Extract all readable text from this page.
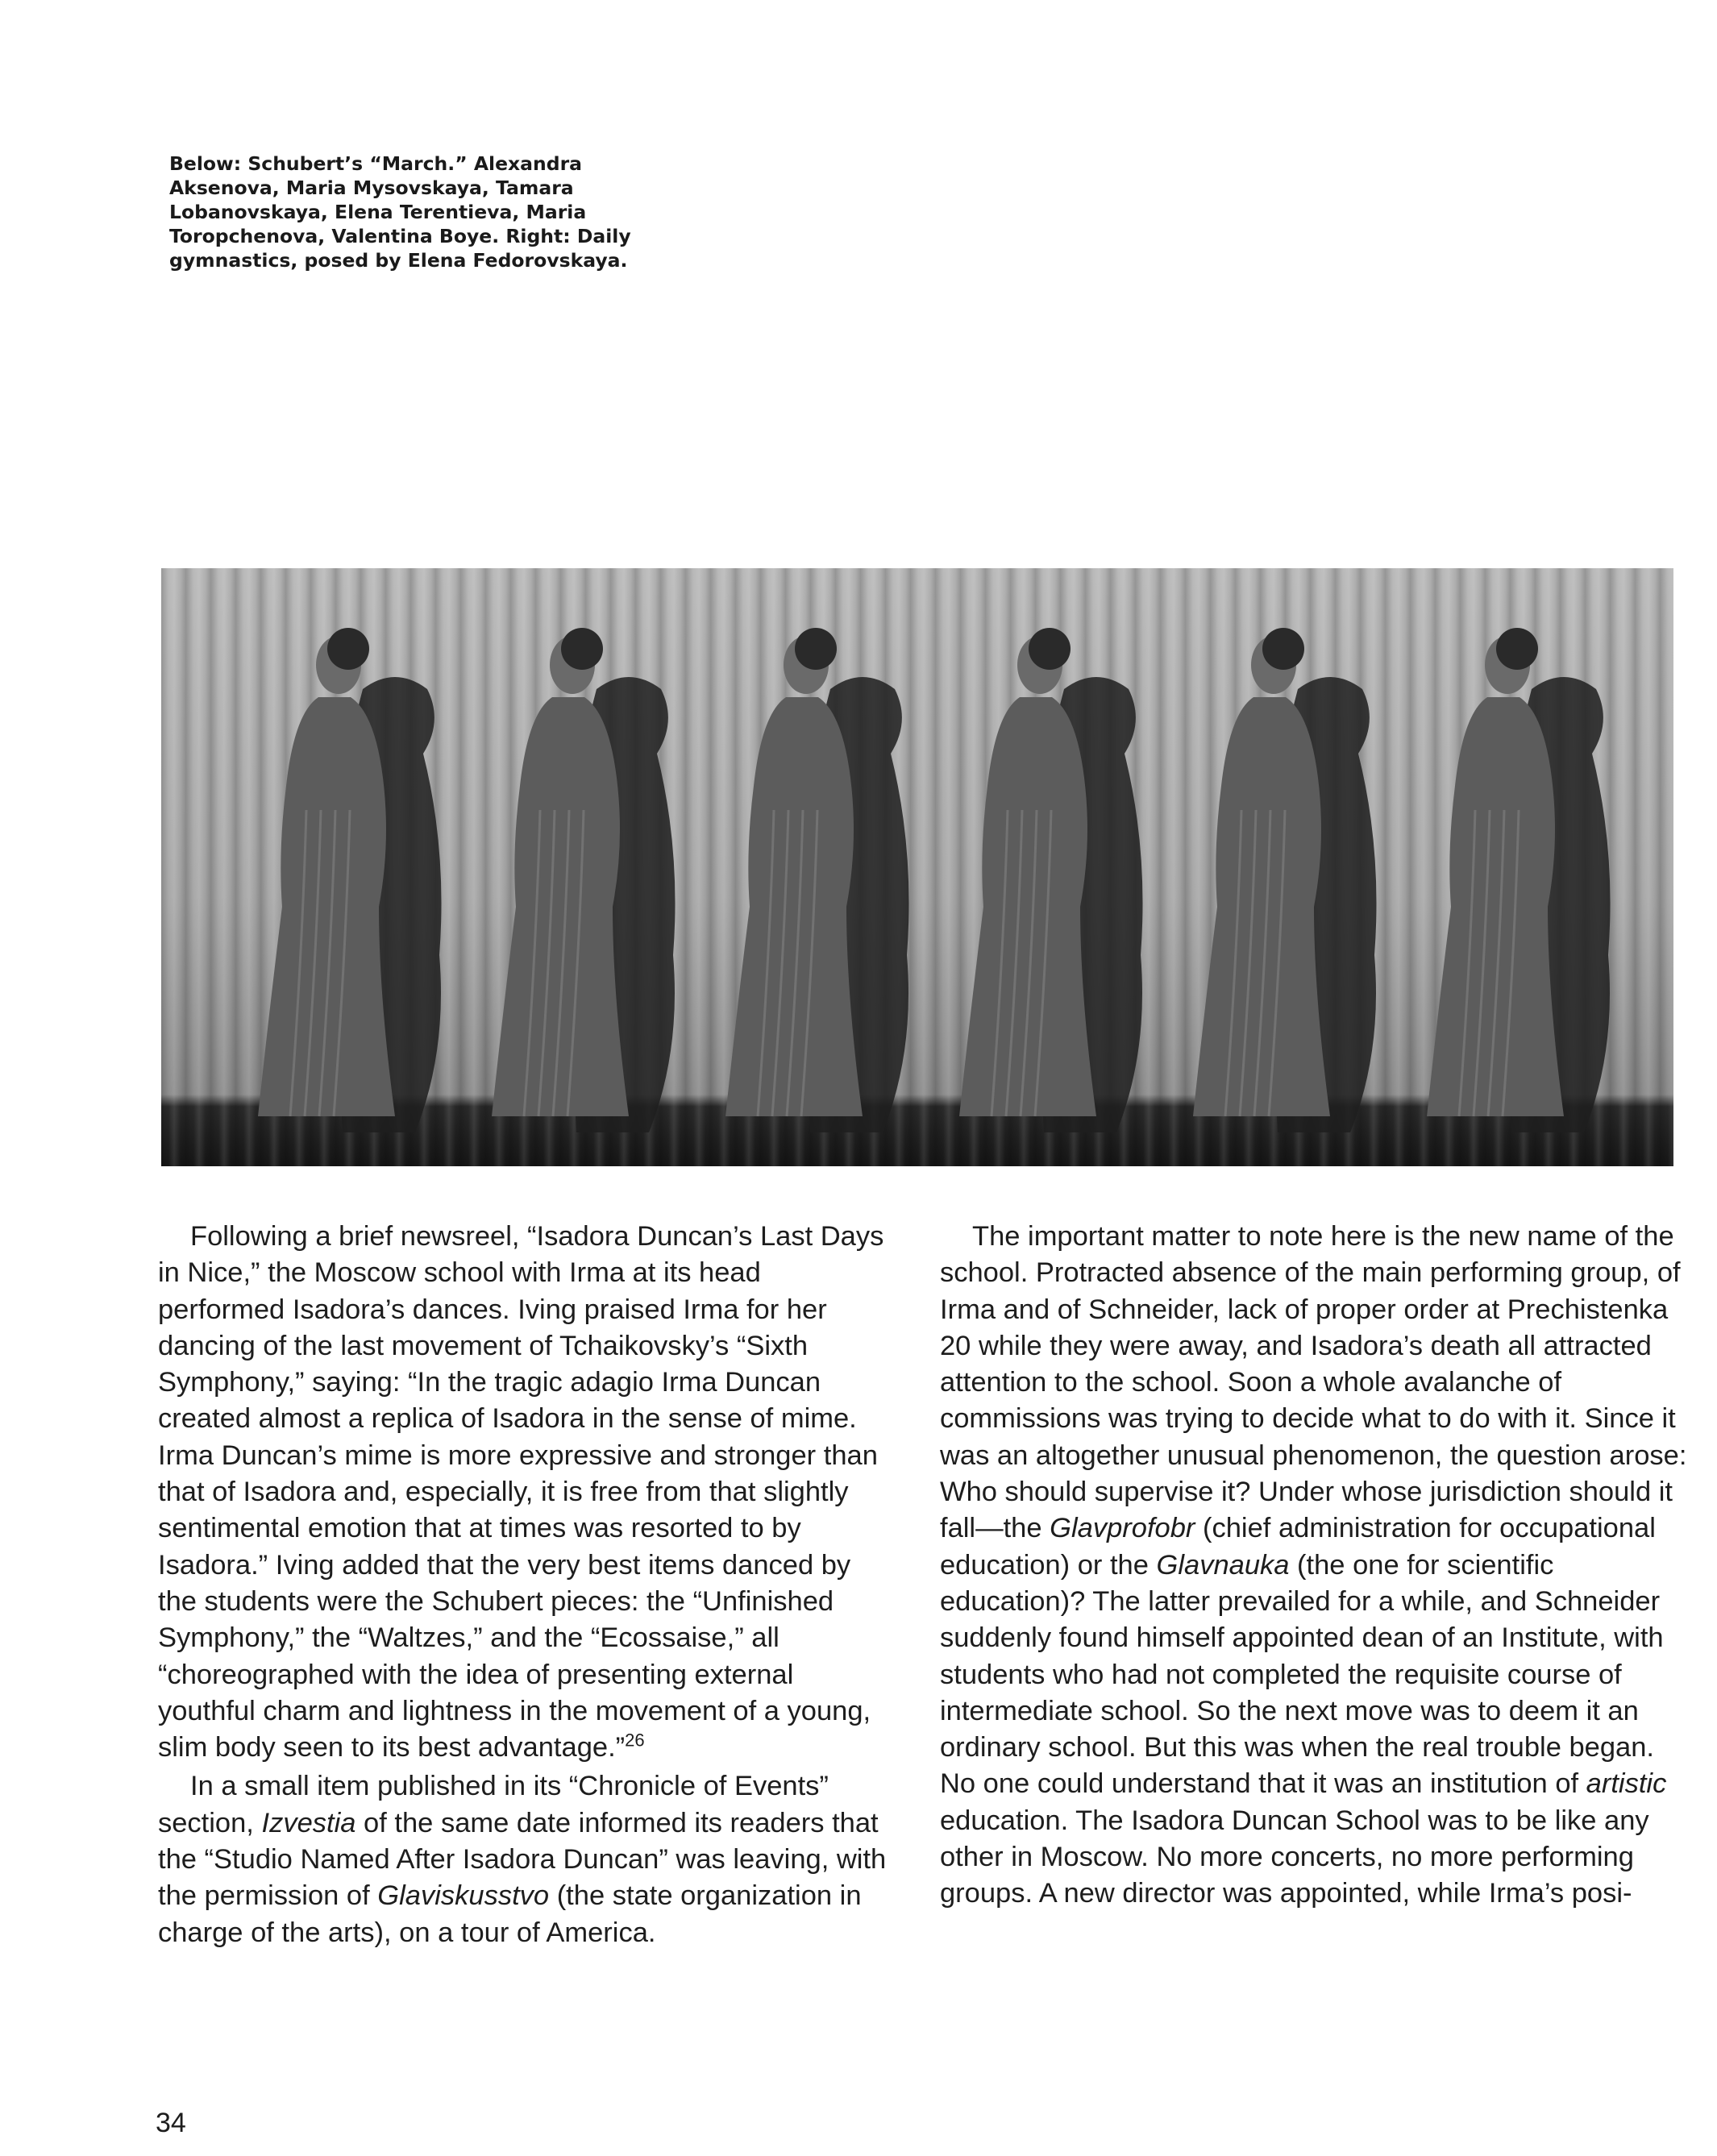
Below: Schubert’s “March.” Alexandra Aksenova, Maria Mysovskaya, Tamara Lobanovskaya, Elena Terentieva, Maria Toropchenova, Valentina Boye. Right: Daily gymnastics, posed by Elena Fedorovskaya.

Following a brief newsreel, “Isadora Duncan’s Last Days in Nice,” the Moscow school with Irma at its head performed Isadora’s dances. Iving praised Irma for her dancing of the last movement of Tchaikovsky’s “Sixth Symphony,” saying: “In the tragic adagio Irma Duncan created almost a replica of Isadora in the sense of mime. Irma Duncan’s mime is more expressive and stronger than that of Isadora and, especially, it is free from that slightly sentimental emotion that at times was resorted to by Isadora.” Iving added that the very best items danced by the students were the Schubert pieces: the “Unfinished Symphony,” the “Waltzes,” and the “Ecossaise,” all “choreographed with the idea of presenting external youthful charm and lightness in the movement of a young, slim body seen to its best advantage.”$^{26}$

In a small item published in its “Chronicle of Events” section, Izvestia of the same date informed its readers that the “Studio Named After Isadora Duncan” was leaving, with the permission of Glaviskusstvo (the state organization in charge of the arts), on a tour of America.

The important matter to note here is the new name of the school. Protracted absence of the main performing group, of Irma and of Schneider, lack of proper order at Prechistenka 20 while they were away, and Isadora’s death all attracted attention to the school. Soon a whole avalanche of commissions was trying to decide what to do with it. Since it was an altogether unusual phenomenon, the question arose: Who should supervise it? Under whose jurisdiction should it fall—the Glavprofobr (chief administration for occupational education) or the Glavnauka (the one for scientific education)? The latter prevailed for a while, and Schneider suddenly found himself appointed dean of an Institute, with students who had not completed the requisite course of intermediate school. So the next move was to deem it an ordinary school. But this was when the real trouble began. No one could understand that it was an institution of artistic education. The Isadora Duncan School was to be like any other in Moscow. No more concerts, no more performing groups. A new director was appointed, while Irma’s posi-

34
